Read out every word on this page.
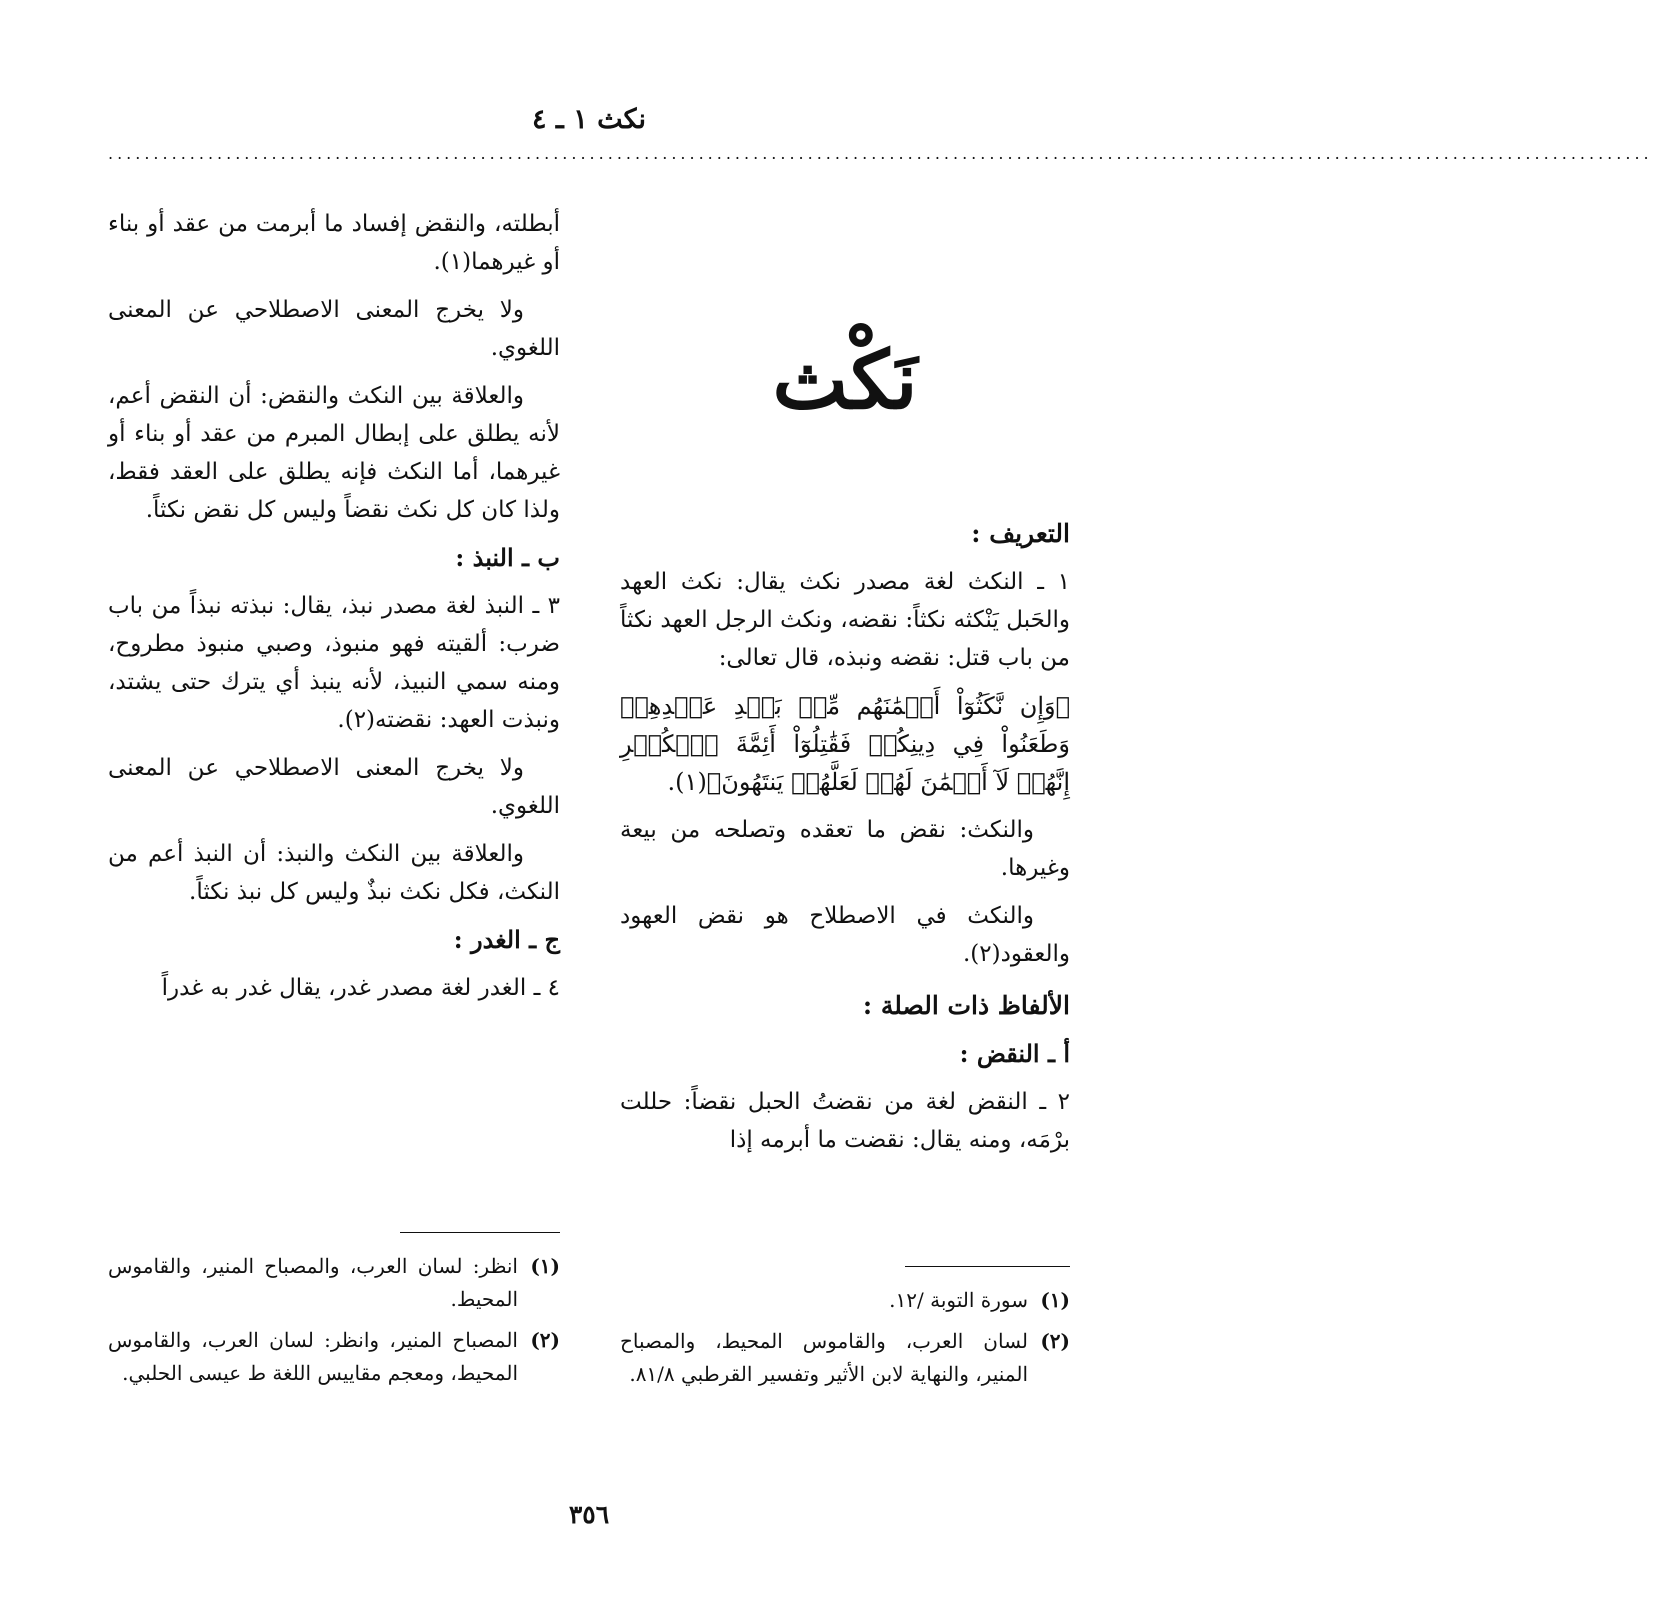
نكث ١ ـ ٤
..........................................................................................................................................................................
نَكْث

التعريف :

١ ـ النكث لغة مصدر نكث يقال: نكث العهد والحَبل يَنْكثه نكثاً: نقضه، ونكث الرجل العهد نكثاً من باب قتل: نقضه ونبذه، قال تعالى:

﴿وَإِن نَّكَثُوٓاْ أَيۡمَٰنَهُم مِّنۢ بَعۡدِ عَهۡدِهِمۡ وَطَعَنُواْ فِي دِينِكُمۡ فَقَٰتِلُوٓاْ أَئِمَّةَ ٱلۡكُفۡرِ إِنَّهُمۡ لَآ أَيۡمَٰنَ لَهُمۡ لَعَلَّهُمۡ يَنتَهُونَ﴾(١).

والنكث: نقض ما تعقده وتصلحه من بيعة وغيرها.

والنكث في الاصطلاح هو نقض العهود والعقود(٢).

الألفاظ ذات الصلة :

أ ـ النقض :

٢ ـ النقض لغة من نقضتُ الحبل نقضاً: حللت برْمَه، ومنه يقال: نقضت ما أبرمه إذا

أبطلته، والنقض إفساد ما أبرمت من عقد أو بناء أو غيرهما(١).

ولا يخرج المعنى الاصطلاحي عن المعنى اللغوي.

والعلاقة بين النكث والنقض: أن النقض أعم، لأنه يطلق على إبطال المبرم من عقد أو بناء أو غيرهما، أما النكث فإنه يطلق على العقد فقط، ولذا كان كل نكث نقضاً وليس كل نقض نكثاً.

ب ـ النبذ :

٣ ـ النبذ لغة مصدر نبذ، يقال: نبذته نبذاً من باب ضرب: ألقيته فهو منبوذ، وصبي منبوذ مطروح، ومنه سمي النبيذ، لأنه ينبذ أي يترك حتى يشتد، ونبذت العهد: نقضته(٢).

ولا يخرج المعنى الاصطلاحي عن المعنى اللغوي.

والعلاقة بين النكث والنبذ: أن النبذ أعم من النكث، فكل نكث نبذٌ وليس كل نبذ نكثاً.

ج ـ الغدر :

٤ ـ الغدر لغة مصدر غدر، يقال غدر به غدراً

(١)
انظر: لسان العرب، والمصباح المنير، والقاموس المحيط.
(٢)
المصباح المنير، وانظر: لسان العرب، والقاموس المحيط، ومعجم مقاييس اللغة ط عيسى الحلبي.
(١)
سورة التوبة /١٢.
(٢)
لسان العرب، والقاموس المحيط، والمصباح المنير، والنهاية لابن الأثير وتفسير القرطبي ٨١/٨.
٣٥٦
